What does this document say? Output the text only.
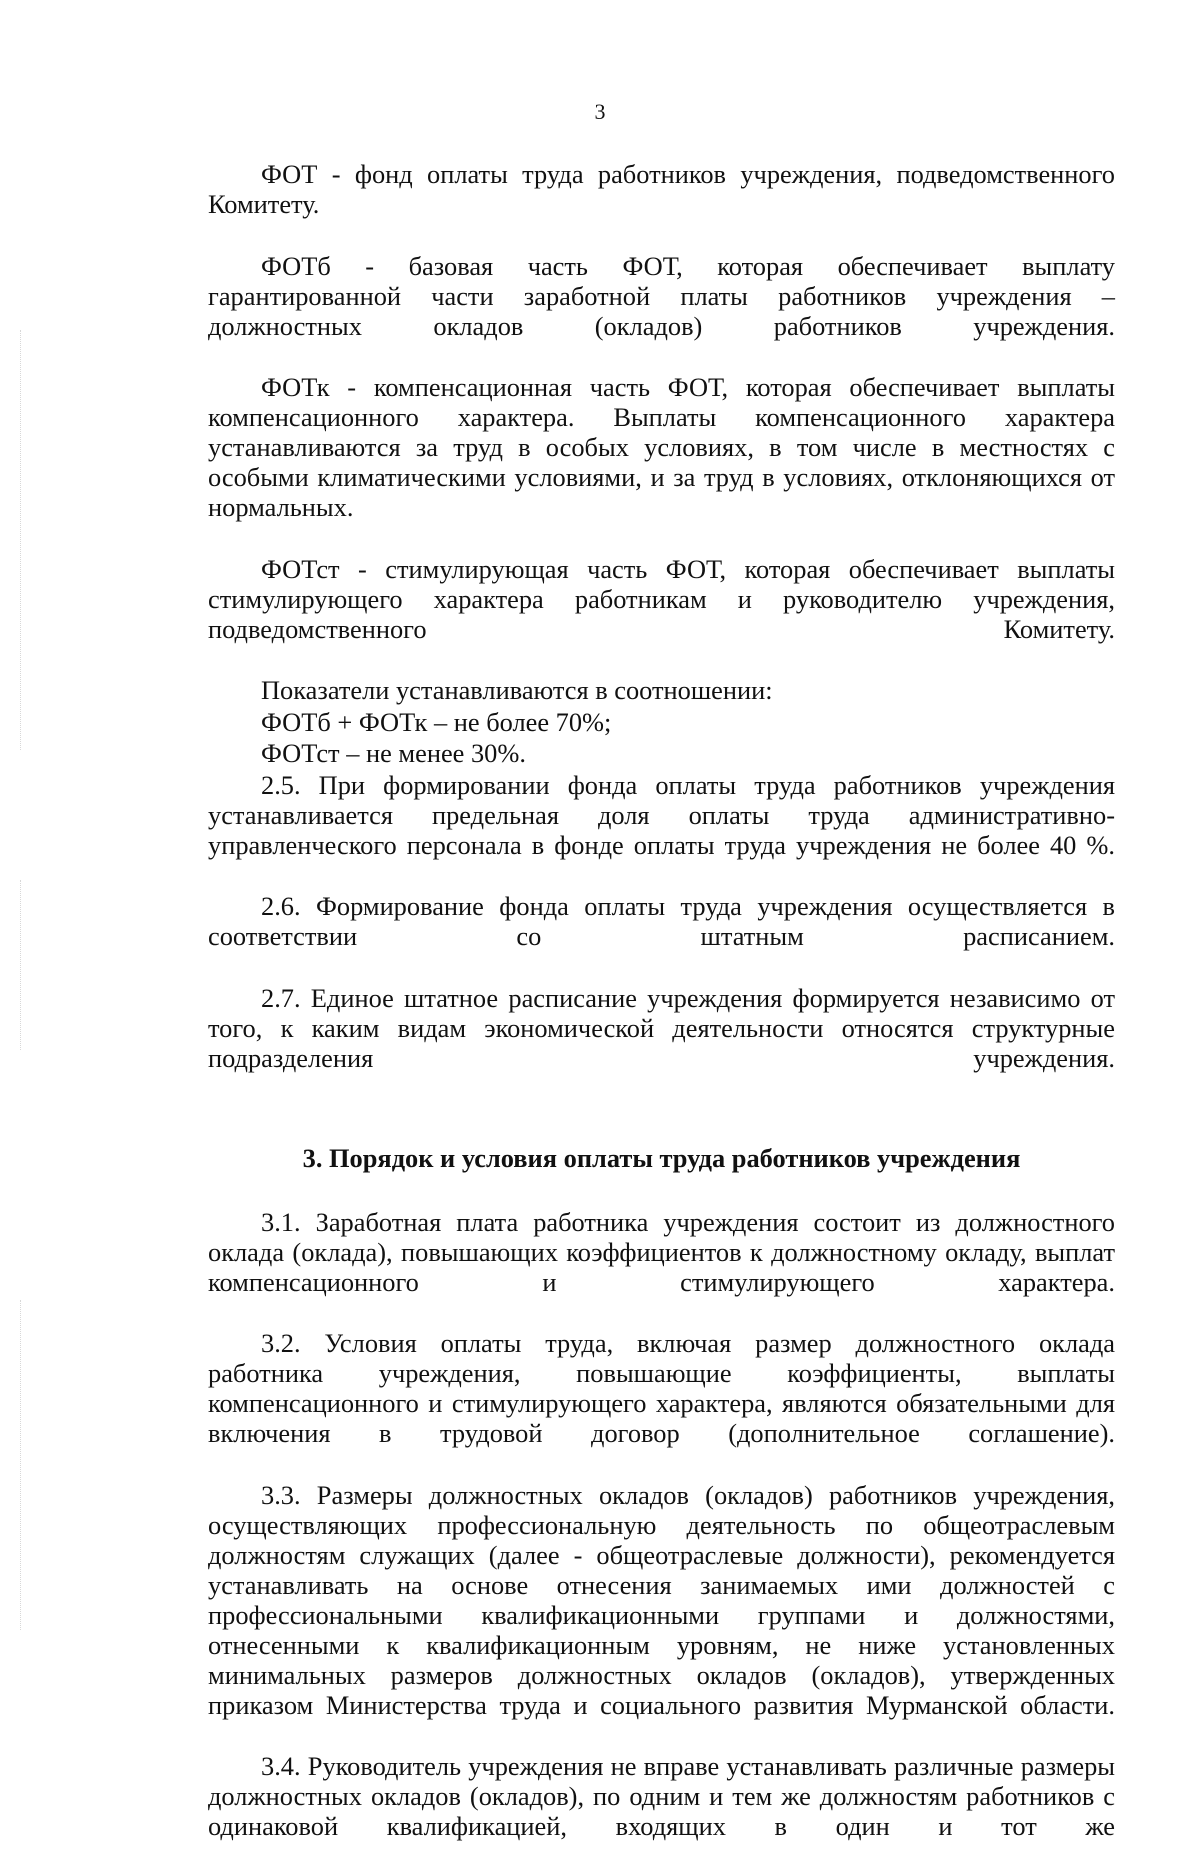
3

ФОТ - фонд оплаты труда работников учреждения, подведомственного Комитету.

ФОТб - базовая часть ФОТ, которая обеспечивает выплату гарантированной части заработной платы работников учреждения – должностных окладов (окладов) работников учреждения.

ФОТк - компенсационная часть ФОТ, которая обеспечивает выплаты компенсационного характера. Выплаты компенсационного характера устанавливаются за труд в особых условиях, в том числе в местностях с особыми климатическими условиями, и за труд в условиях, отклоняющихся от нормальных.

ФОТст - стимулирующая часть ФОТ, которая обеспечивает выплаты стимулирующего характера работникам и руководителю учреждения, подведомственного Комитету.

Показатели устанавливаются в соотношении:

ФОТб + ФОТк – не более 70%;

ФОТст – не менее 30%.

2.5. При формировании фонда оплаты труда работников учреждения устанавливается предельная доля оплаты труда административно-управленческого персонала в фонде оплаты труда учреждения не более 40 %.

2.6. Формирование фонда оплаты труда учреждения осуществляется в соответствии со штатным расписанием.

2.7. Единое штатное расписание учреждения формируется независимо от того, к каким видам экономической деятельности относятся структурные подразделения учреждения.

3. Порядок и условия оплаты труда работников учреждения

3.1. Заработная плата работника учреждения состоит из должностного оклада (оклада), повышающих коэффициентов к должностному окладу, выплат компенсационного и стимулирующего характера.

3.2. Условия оплаты труда, включая размер должностного оклада работника учреждения, повышающие коэффициенты, выплаты компенсационного и стимулирующего характера, являются обязательными для включения в трудовой договор (дополнительное соглашение).

3.3. Размеры должностных окладов (окладов) работников учреждения, осуществляющих профессиональную деятельность по общеотраслевым должностям служащих (далее - общеотраслевые должности), рекомендуется устанавливать на основе отнесения занимаемых ими должностей с профессиональными квалификационными группами и должностями, отнесенными к квалификационным уровням, не ниже установленных минимальных размеров должностных окладов (окладов), утвержденных приказом Министерства труда и социального развития Мурманской области.

3.4. Руководитель учреждения не вправе устанавливать различные размеры должностных окладов (окладов), по одним и тем же должностям работников с одинаковой квалификацией, входящих в один и тот же
